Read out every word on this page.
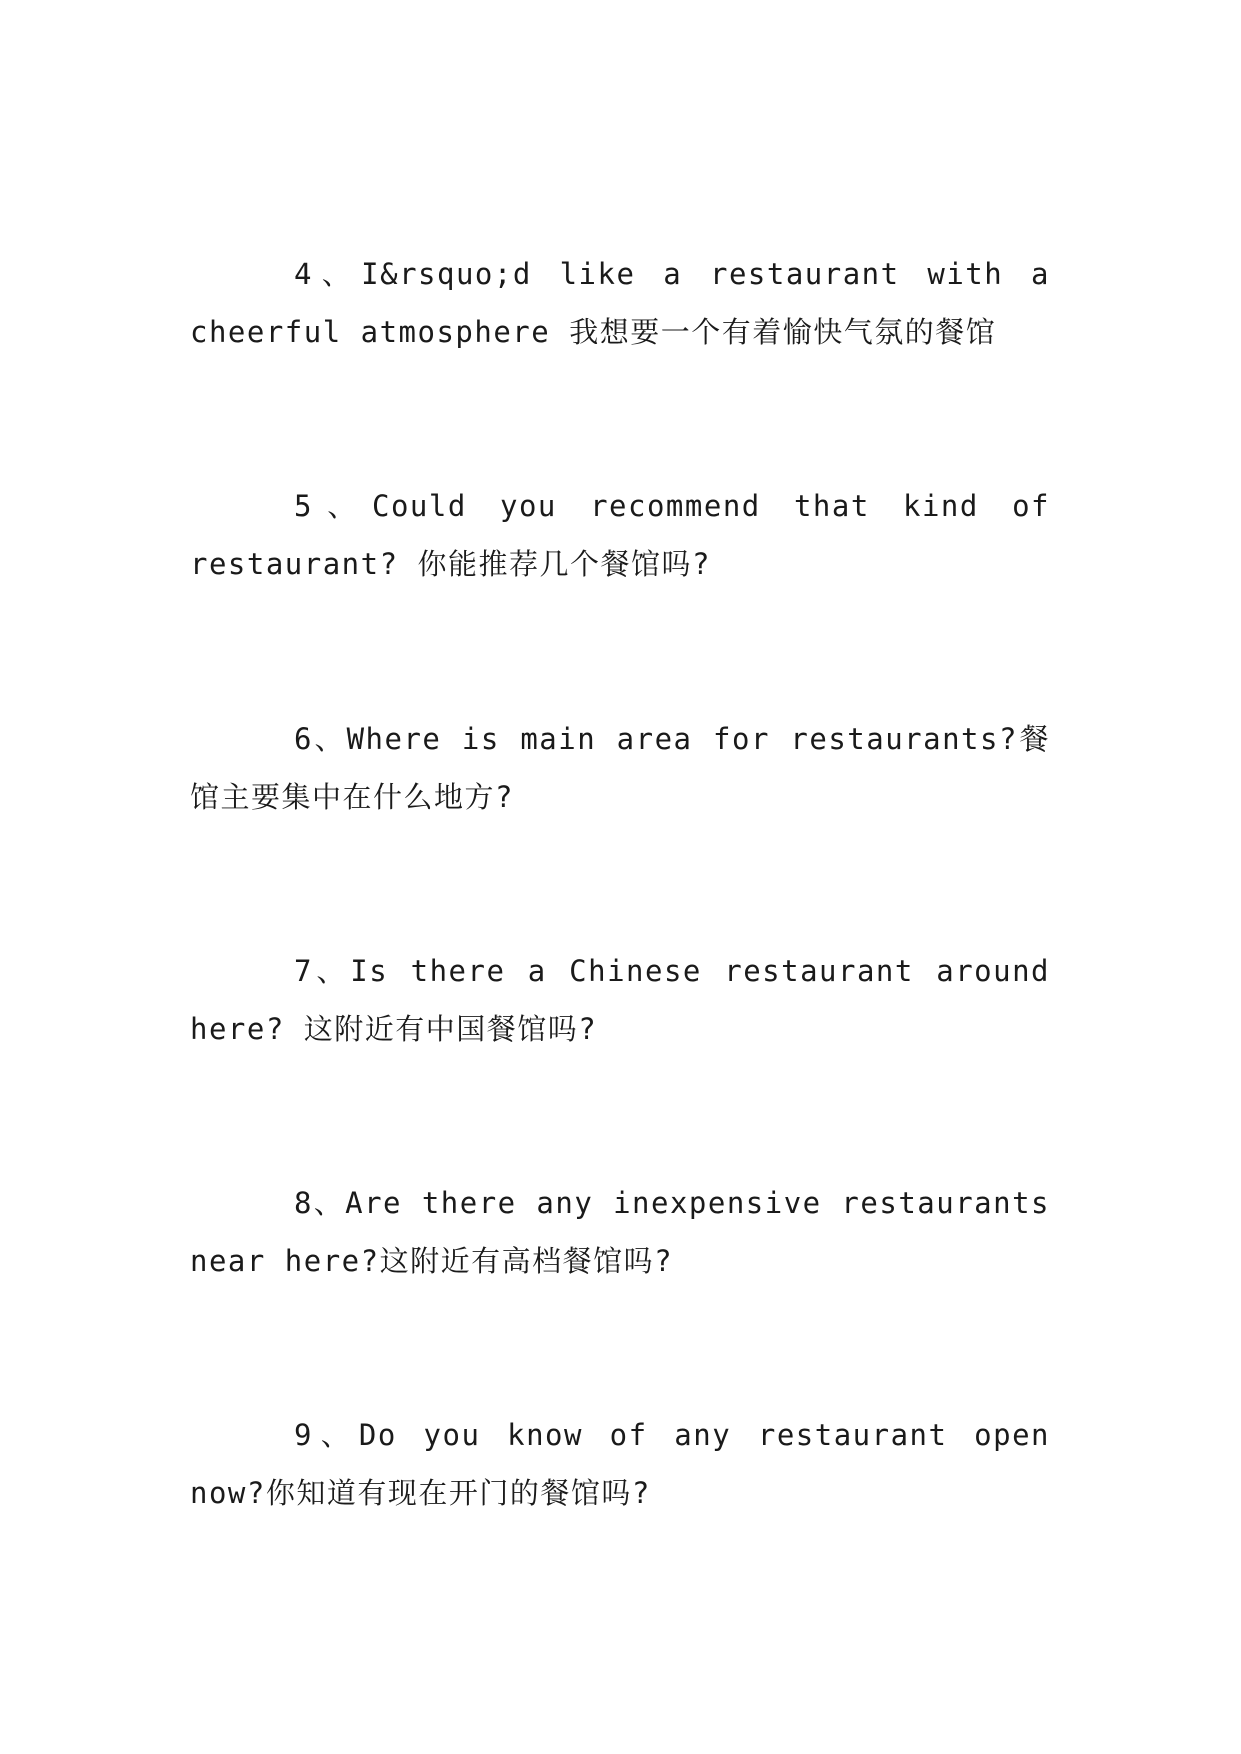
4、I&rsquo;d like a restaurant with a cheerful atmosphere 我想要一个有着愉快气氛的餐馆

5、Could you recommend that kind of restaurant? 你能推荐几个餐馆吗?

6、Where is main area for restaurants?餐馆主要集中在什么地方?

7、Is there a Chinese restaurant around here? 这附近有中国餐馆吗?

8、Are there any inexpensive restaurants near here?这附近有高档餐馆吗?

9、Do you know of any restaurant open now?你知道有现在开门的餐馆吗?
